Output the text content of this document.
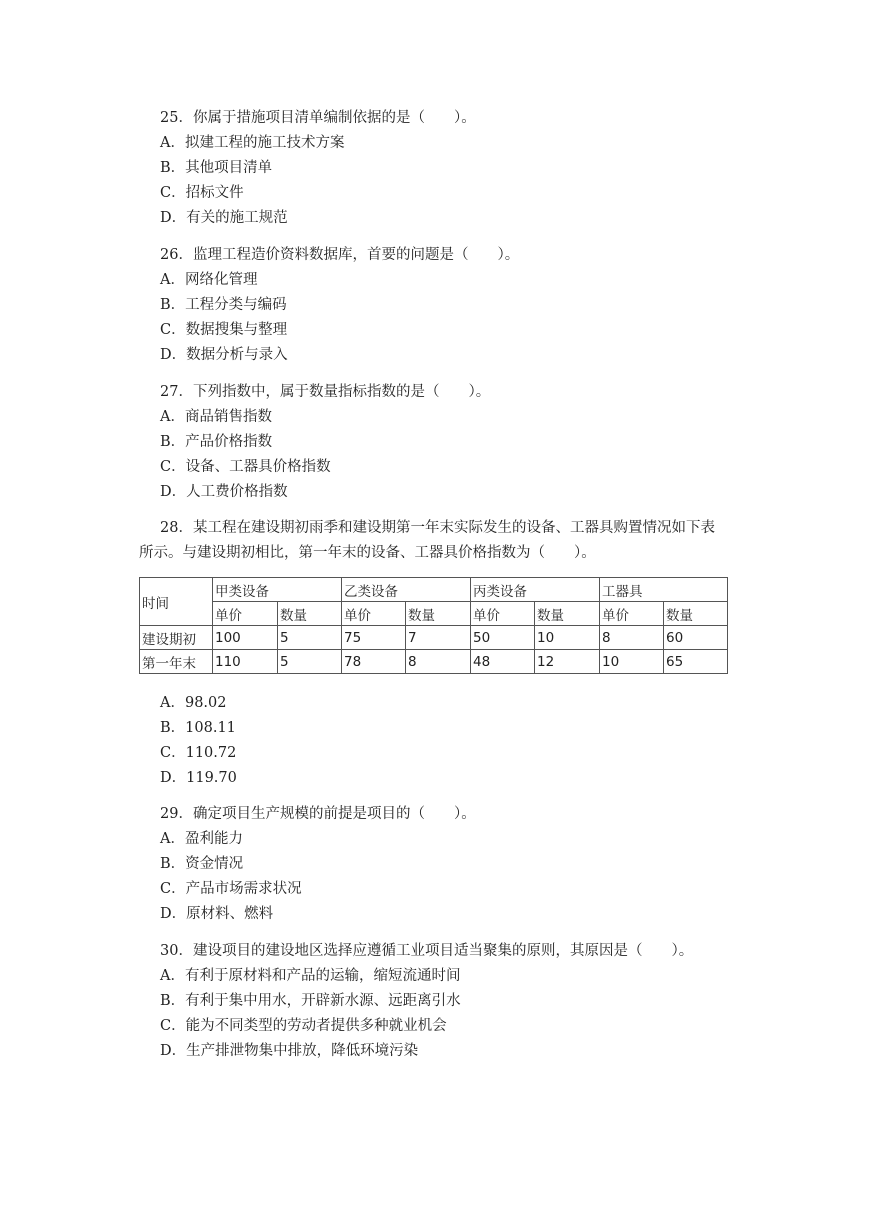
25．你属于措施项目清单编制依据的是（　　）。
A．拟建工程的施工技术方案
B．其他项目清单
C．招标文件
D．有关的施工规范
26．监理工程造价资料数据库，首要的问题是（　　）。
A．网络化管理
B．工程分类与编码
C．数据搜集与整理
D．数据分析与录入
27．下列指数中，属于数量指标指数的是（　　）。
A．商品销售指数
B．产品价格指数
C．设备、工器具价格指数
D．人工费价格指数
28．某工程在建设期初雨季和建设期第一年末实际发生的设备、工器具购置情况如下表
所示。与建设期初相比，第一年末的设备、工器具价格指数为（　　）。
时间	甲类设备		乙类设备		丙类设备		工器具	
	单价	数量	单价	数量	单价	数量	单价	数量
建设期初	100	5	75	7	50	10	8	60
第一年末	110	5	78	8	48	12	10	65
A．98.02
B．108.11
C．110.72
D．119.70
29．确定项目生产规模的前提是项目的（　　）。
A．盈利能力
B．资金情况
C．产品市场需求状况
D．原材料、燃料
30．建设项目的建设地区选择应遵循工业项目适当聚集的原则，其原因是（　　）。
A．有利于原材料和产品的运输，缩短流通时间
B．有利于集中用水，开辟新水源、远距离引水
C．能为不同类型的劳动者提供多种就业机会
D．生产排泄物集中排放，降低环境污染
